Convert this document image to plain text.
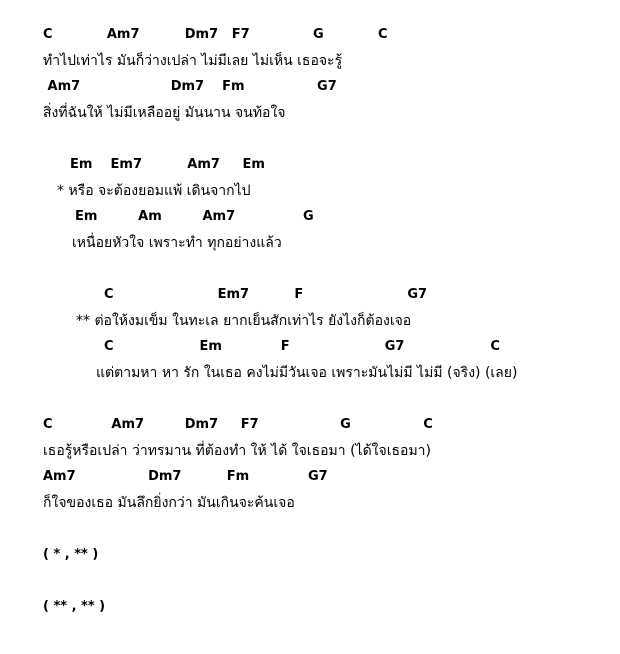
C            Am7          Dm7   F7              G            C
ทำไปเท่าไร มันก็ว่างเปล่า ไม่มีเลย ไม่เห็น เธอจะรู้
Am7                    Dm7    Fm                G7
สิ่งที่ฉันให้ ไม่มีเหลืออยู่ มันนาน จนท้อใจ
Em    Em7          Am7     Em
* หรือ จะต้องยอมแพ้ เดินจากไป
Em         Am         Am7               G
เหนื่อยหัวใจ เพราะทำ ทุกอย่างแล้ว
C                       Em7          F                       G7
** ต่อให้งมเข็ม ในทะเล ยากเย็นสักเท่าไร ยังไงก็ต้องเจอ
C                   Em             F                     G7                   C
แต่ตามหา หา รัก ในเธอ คงไม่มีวันเจอ เพราะมันไม่มี ไม่มี (จริง) (เลย)
C             Am7         Dm7     F7                  G                C
เธอรู้หรือเปล่า ว่าทรมาน ที่ต้องทำ ให้ ได้ ใจเธอมา (ได้ใจเธอมา)
Am7                Dm7          Fm             G7
ก็ใจของเธอ มันลึกยิ่งกว่า มันเกินจะค้นเจอ
( * , ** )
( ** , ** )
